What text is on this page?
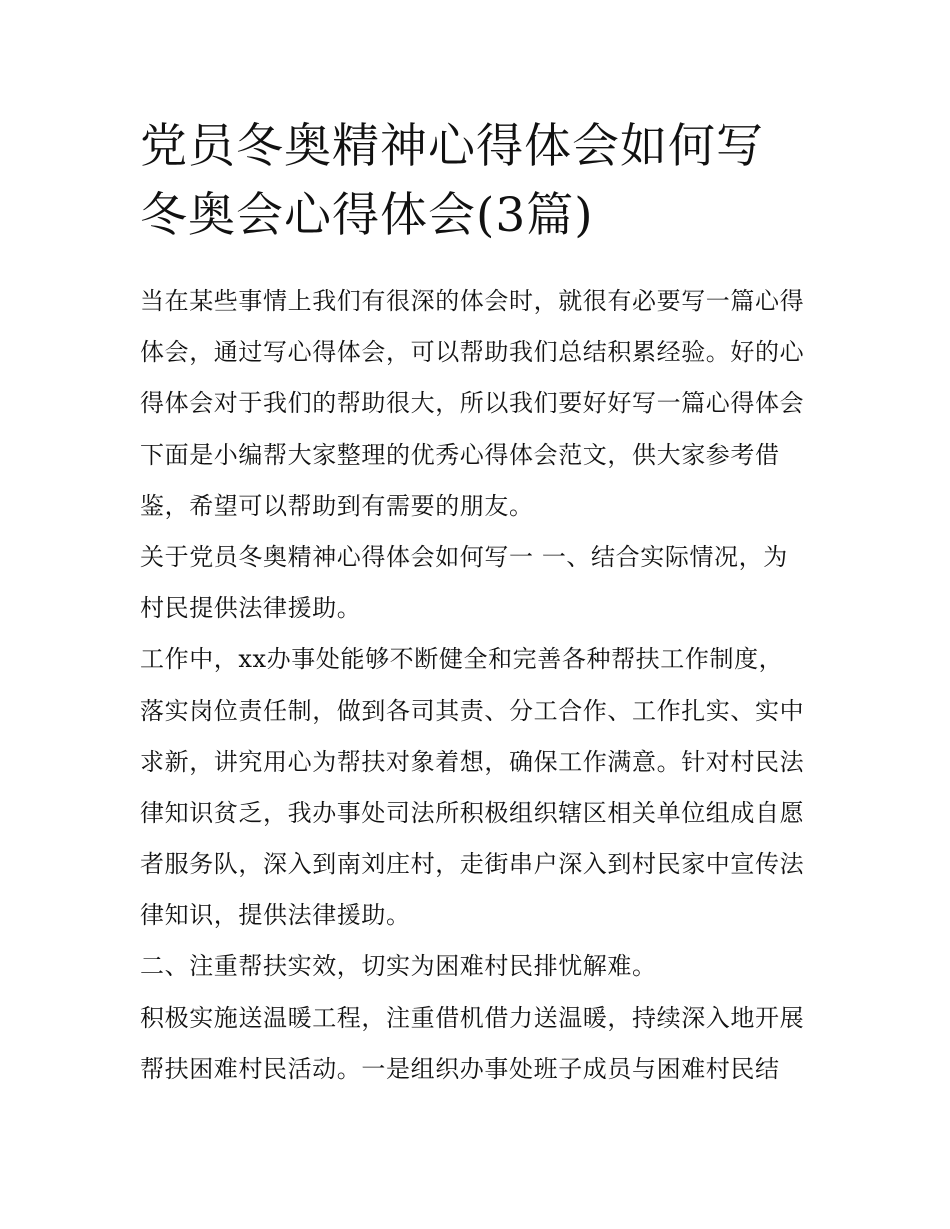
党员冬奥精神心得体会如何写
冬奥会心得体会(3篇)
当在某些事情上我们有很深的体会时，就很有必要写一篇心得
体会，通过写心得体会，可以帮助我们总结积累经验。好的心
得体会对于我们的帮助很大，所以我们要好好写一篇心得体会
下面是小编帮大家整理的优秀心得体会范文，供大家参考借
鉴，希望可以帮助到有需要的朋友。
关于党员冬奥精神心得体会如何写一 一、结合实际情况，为
村民提供法律援助。
工作中，xx办事处能够不断健全和完善各种帮扶工作制度，
落实岗位责任制，做到各司其责、分工合作、工作扎实、实中
求新，讲究用心为帮扶对象着想，确保工作满意。针对村民法
律知识贫乏，我办事处司法所积极组织辖区相关单位组成自愿
者服务队，深入到南刘庄村，走街串户深入到村民家中宣传法
律知识，提供法律援助。
二、注重帮扶实效，切实为困难村民排忧解难。
积极实施送温暖工程，注重借机借力送温暖，持续深入地开展
帮扶困难村民活动。一是组织办事处班子成员与困难村民结
